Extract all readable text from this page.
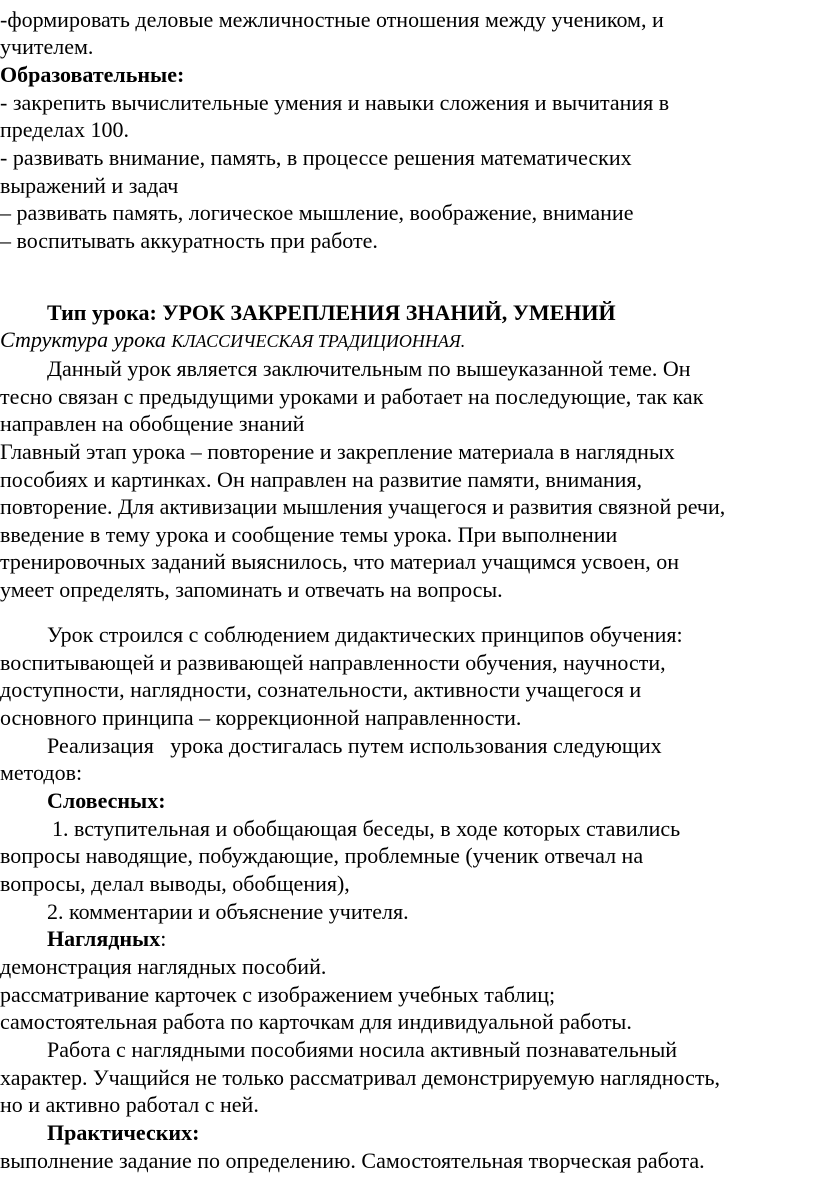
-формировать деловые межличностные отношения между учеником, и
учителем.
Образовательные:
- закрепить вычислительные умения и навыки сложения и вычитания в
пределах 100.
- развивать внимание, память, в процессе решения математических
выражений и задач
– развивать память, логическое мышление, воображение, внимание
– воспитывать аккуратность при работе.
Тип урока: УРОК ЗАКРЕПЛЕНИЯ ЗНАНИЙ, УМЕНИЙ
Структура урока КЛАССИЧЕСКАЯ ТРАДИЦИОННАЯ.
Данный урок является заключительным по вышеуказанной теме. Он
тесно связан с предыдущими уроками и работает на последующие, так как
направлен на обобщение знаний
Главный этап урока – повторение и закрепление материала в наглядных
пособиях и картинках. Он направлен на развитие памяти, внимания,
повторение. Для активизации мышления учащегося и развития связной речи,
введение в тему урока и сообщение темы урока. При выполнении
тренировочных заданий выяснилось, что материал учащимся усвоен, он
умеет определять, запоминать и отвечать на вопросы.
Урок строился с соблюдением дидактических принципов обучения:
воспитывающей и развивающей направленности обучения, научности,
доступности, наглядности, сознательности, активности учащегося и
основного принципа – коррекционной направленности.
Реализация   урока достигалась путем использования следующих
методов:
Словесных:
1. вступительная и обобщающая беседы, в ходе которых ставились
вопросы наводящие, побуждающие, проблемные (ученик отвечал на
вопросы, делал выводы, обобщения),
2. комментарии и объяснение учителя.
Наглядных:
демонстрация наглядных пособий.
рассматривание карточек с изображением учебных таблиц;
самостоятельная работа по карточкам для индивидуальной работы.
Работа с наглядными пособиями носила активный познавательный
характер. Учащийся не только рассматривал демонстрируемую наглядность,
но и активно работал с ней.
Практических:
выполнение задание по определению. Самостоятельная творческая работа.
